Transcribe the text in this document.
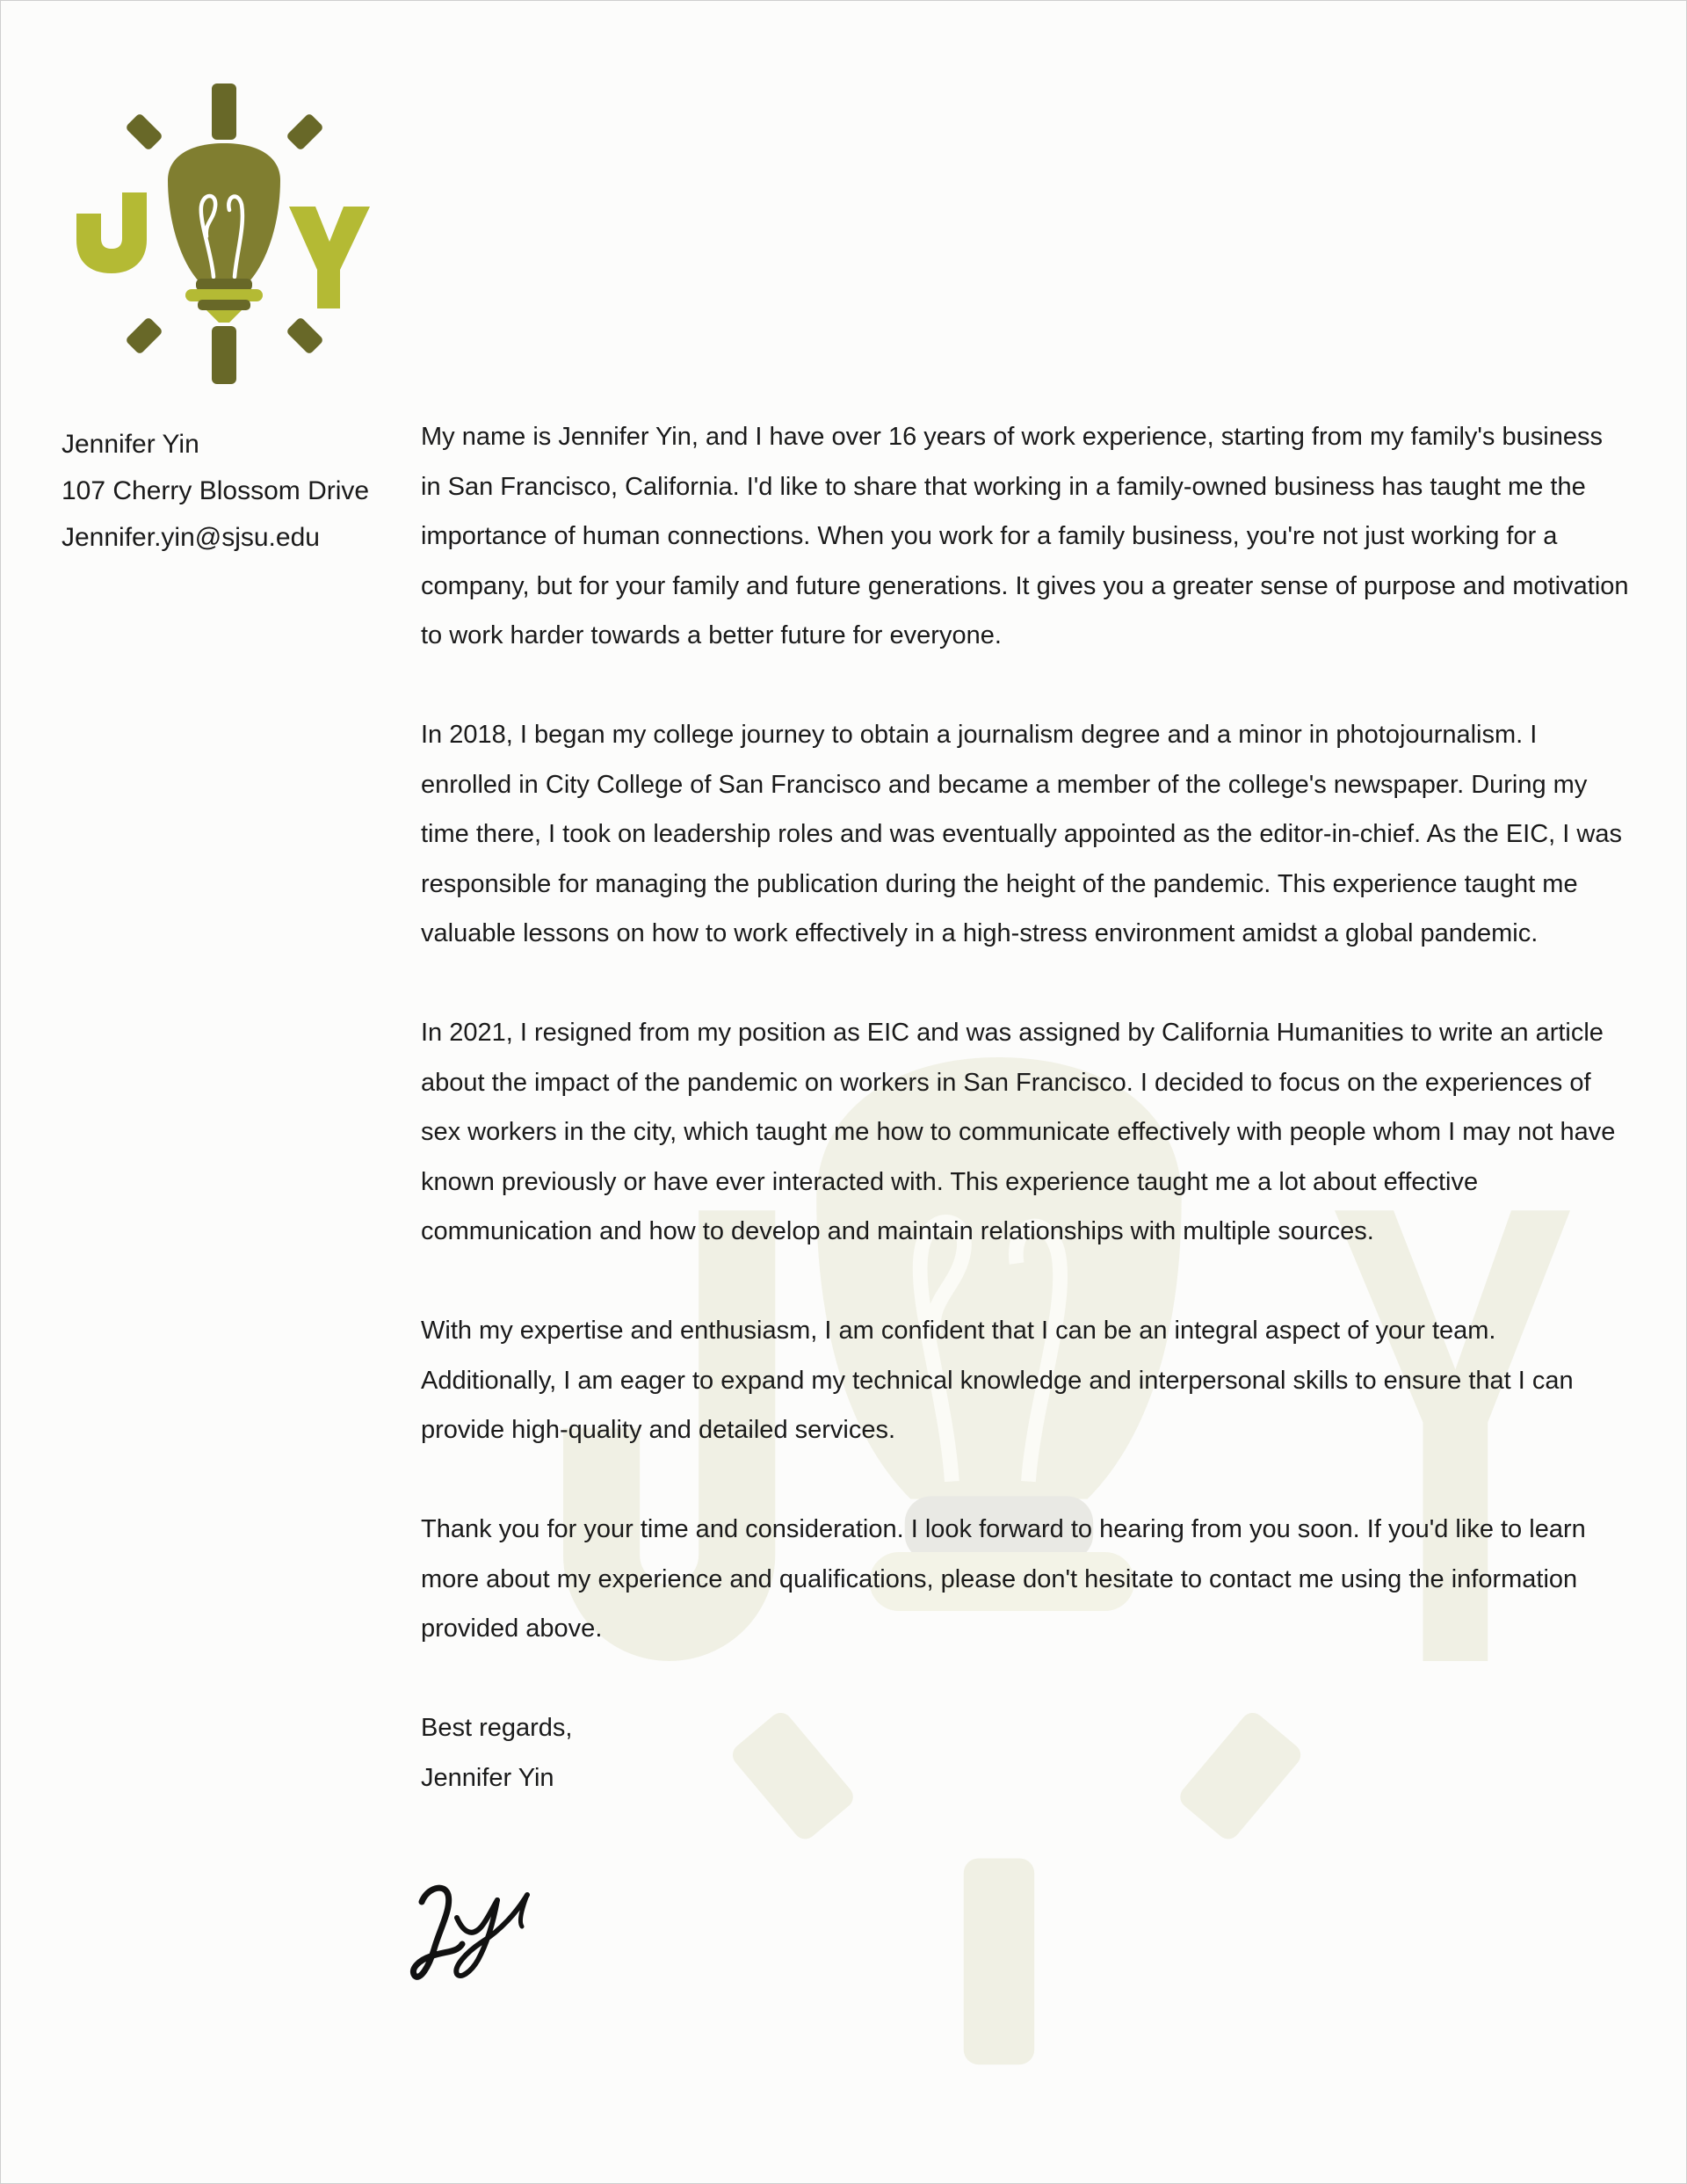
Jennifer Yin
107 Cherry Blossom Drive
Jennifer.yin@sjsu.edu

My name is Jennifer Yin, and I have over 16 years of work experience, starting from my family's business in San Francisco, California. I'd like to share that working in a family-owned business has taught me the importance of human connections. When you work for a family business, you're not just working for a company, but for your family and future generations. It gives you a greater sense of purpose and motivation to work harder towards a better future for everyone.

In 2018, I began my college journey to obtain a journalism degree and a minor in photojournalism. I enrolled in City College of San Francisco and became a member of the college's newspaper. During my time there, I took on leadership roles and was eventually appointed as the editor-in-chief. As the EIC, I was responsible for managing the publication during the height of the pandemic. This experience taught me valuable lessons on how to work effectively in a high-stress environment amidst a global pandemic.

In 2021, I resigned from my position as EIC and was assigned by California Humanities to write an article about the impact of the pandemic on workers in San Francisco. I decided to focus on the experiences of sex workers in the city, which taught me how to communicate effectively with people whom I may not have known previously or have ever interacted with. This experience taught me a lot about effective communication and how to develop and maintain relationships with multiple sources.

With my expertise and enthusiasm, I am confident that I can be an integral aspect of your team. Additionally, I am eager to expand my technical knowledge and interpersonal skills to ensure that I can provide high-quality and detailed services.

Thank you for your time and consideration. I look forward to hearing from you soon. If you'd like to learn more about my experience and qualifications, please don't hesitate to contact me using the information provided above.

Best regards,
Jennifer Yin
